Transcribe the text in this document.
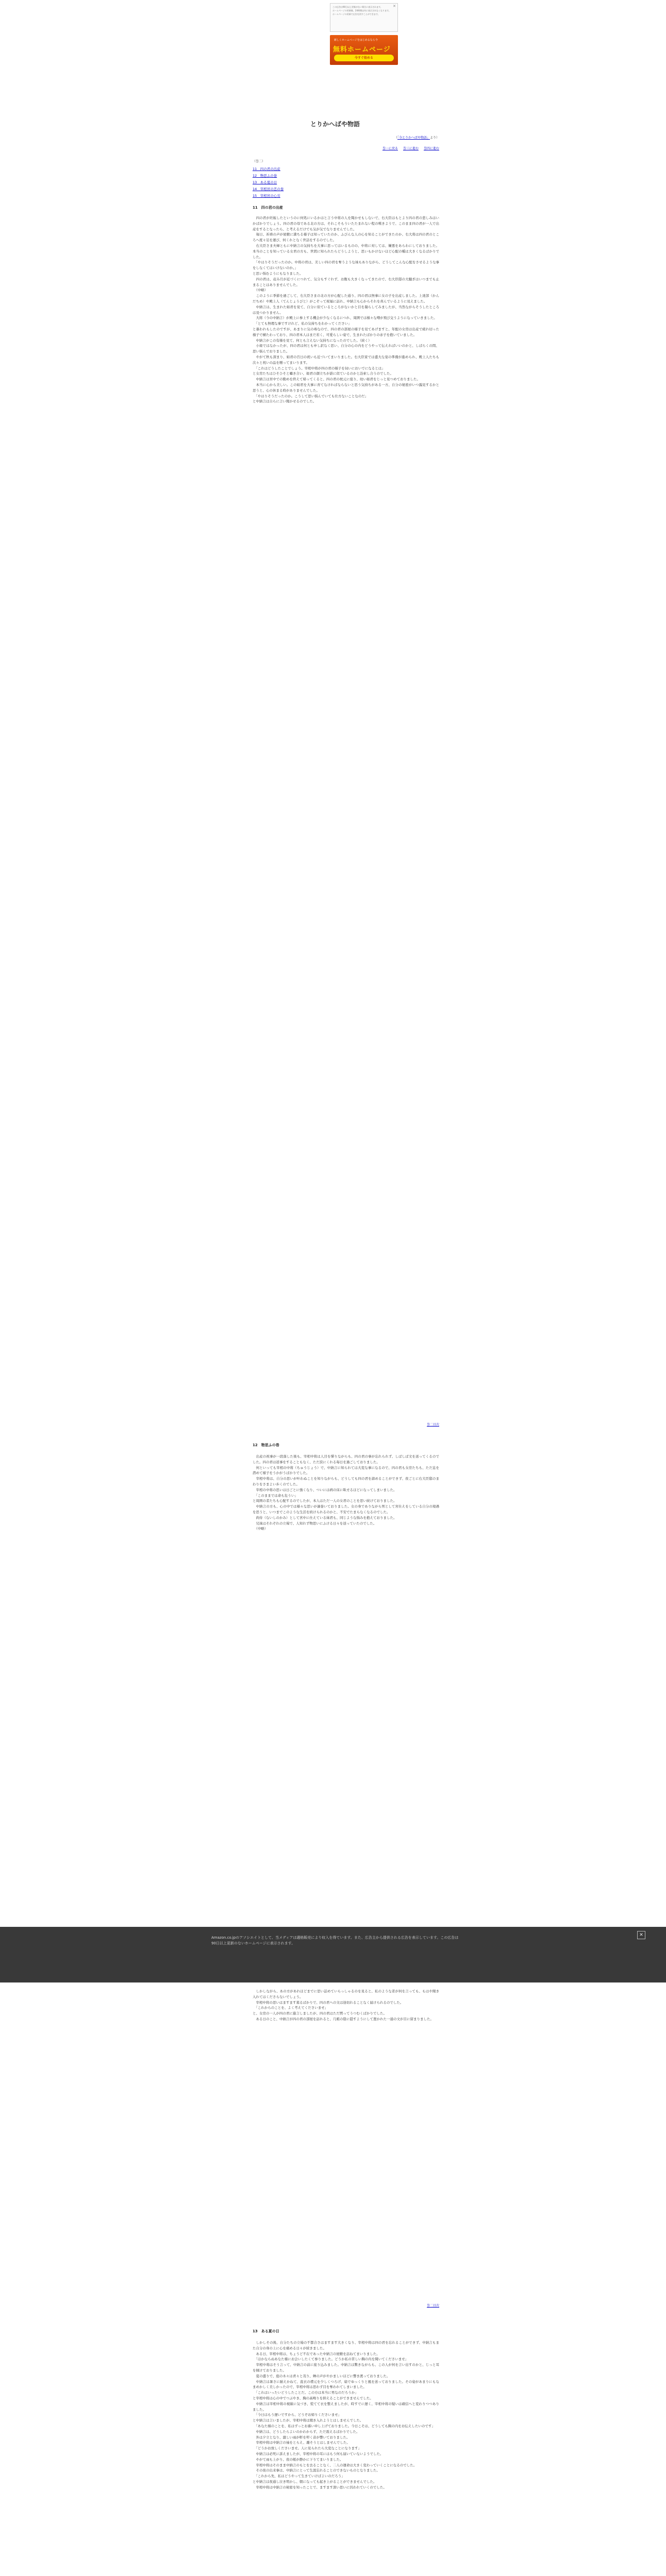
✕
この広告は90日以上更新がない場合に表示されます。
ホームページの更新後、24時間以内に表示されなくなります。
ホームページの更新で広告を消すことができます。
新しくホームページをはじめるなら今
無料ホームページ
今すぐ始める
とりかへばや物語
（「今とりかへばや物語」より）
巻一に戻る 巻三に進む 巻四に進む
（巻二）
11　四の君の出産
12　物思ふの巻
13　ある夏の日
14　宰相宮の恋の巻
15　宰相宮の心労
11　四の君の出産

　四の君が妊娠したというのに何処にいるかはと言う中将の人を聞かせもしないで、右大臣はもとより四の君の悲しみはいかばかりでしょう。四の君の母である北の方は、それこそもういたたまれない程の嘆きようで、このまま四の君が一人で出産をするとなったら、と考えるだけでも気が気でなりませんでした。

　毎日、祈祷の声が屋敷に満ちる様子は知っていたのか、ふびんな人の心を知ることができたのか、右大将は四の君のところへ度々足を運び、何くれとなく世話をするのでした。

　右大臣さま夫婦ともに中納言の気持ちを大事に思ってはいるものの、中将に対しては、嫌悪をあらわにしておりました。本当のことを知っている女君の方も、世間に知られたらどうしようと、思いもかけないほど心配の種は大きくなるばかりでした。

　「やはりそうだったのか。中将の君は、美しい四の君を奪うような妹もありながら、どうしてこんな心配をさせるような事をしなくてはいけないのか。」

と思い悩むようにもなりました。

　四の君は、産み月が近づくにつれて、気分もすぐれず、お腹も大きくなってきたので、右大臣邸の大騒ぎはいつまでも止まることはありませんでした。

　（中略）

　このように季節を過ごして、右大臣さまの北の方が心配した通り、四の君は無事に女の子を出産しました。上達部（かんだちめ）や殿上人（てんじょうびと）がこぞって祝福に訪れ、中納言も心からそれを喜んでいるように見えました。

　中納言は、生まれた姫君を見て、自分に似ているところがないかと目を凝らしてみましたが、当然ながらそうしたところは見つかりません。

　大将（今の中納言）が殿上に参上する機会が少なくなるにつれ、周囲では様々な噂が飛び交うようになっていきました。

　「とても無理な事ですけれど、私の気持ちをわかってください」

と慕われもしたのですが、あまりに気の毒なので、四の君の部屋の様子を見てあげますと、年配の女房は出産で疲れ切った様子で横たわっており、四の君本人はまだ若く、可愛らしい姿で、生まれたばかりの赤子を抱いていました。

　中納言がこの有様を見て、何とも言えない気持ちになったのでした。（続く）

　小姫ではなかったが、四の君は何とも申し訳なく思い、自分の心の内をどうやって伝えればいいのかと、しばらくの間、思い悩んでおりました。

　やがて秋も深まり、姫君の百日の祝いも近づいてまいりました。右大臣家では盛大な宴の準備が進められ、殿上人たちも次々と祝いの品を贈ってまいります。

　「これはどうしたことでしょう。宰相中将が四の君の様子を伺いにおいでになるとは」

と女房たちはひそひそと囁き合い、姫君の顔立ちが誰に似ているのかと詮索し合うのでした。

　中納言は宮中での勤めを終えて帰ってくると、四の君の枕元に座り、幼い姫君をじっと見つめておりました。

　本当に心から美しい。この姫君を大事に育てなければならないと思う気持ちがある一方、自分の秘密がいつ露見するかと思うと、心の休まる時がありませんでした。

　「やはりそうだったのか。こうして思い悩んでいても仕方ないことなのだ」

と中納言は自らに言い聞かせるのでした。

巻二目次
12　物思ふの巻

　出産の祝事が一段落した後も、宰相中将は人目を憚りながらも、四の君の事が忘れられず、しばしば文を送ってくるのでした。四の君は返事をすることもなく、ただ涙にくれる毎日を過ごしておりました。

　何といっても宰相の中将（ちゅうじょう）で、中納言に知られては大変な事になるので、四の君も女房たちも、ただ息を潜めて様子をうかがうばかりでした。

　宰相中将は、自分の思いが叶わぬことを知りながらも、どうしても四の君を諦めることができず、夜ごとに右大臣邸のまわりをさまよい歩くのでした。

　宰相の中将の思いは日ごとに強くなり、ついには病の床に臥せるほどになってしまいました。

　「このままでは命も危うい」

と周囲の者たちも心配するのでしたが、本人はただ一人の女君のことを思い続けておりました。

　中納言の方も、心の中では様々な思いが渦巻いておりました。女の身でありながら男として宮仕えをしている自分の境遇を思うと、いつまでこのような生活を続けられるのかと、不安でたまらなくなるのでした。

　尚侍（ないしのかみ）として宮中に仕えている妹君も、同じような悩みを抱えておりました。

　兄妹はそれぞれの立場で、人知れず物思いにふける日々を送っていたのでした。

　（中略）

　しかしながら、あの方があれほどまでに思い詰めていらっしゃるのを見ると、私のような者が何を言っても、もはや聞き入れてはくださらないでしょう。

　宰相中将の思いはますます募るばかりで、四の君への文は途切れることなく届けられるのでした。

　「これからのことを、よく考えてくださいませ」

と、女房の一人が四の君に進言しましたが、四の君はただ黙ってうつむくばかりでした。

　ある日のこと、中納言が四の君の部屋を訪れると、几帳の陰に隠すようにして置かれた一通の文が目に留まりました。

巻二目次
13　ある夏の日

　しかしその後、自分たちの立場の不都合さはますます大きくなり、宰相中将は四の君を忘れることができず、中納言もまた自分の身の上に心を痛める日々が続きました。

　ある日、宰相中将は、ちょうど不在であった中納言の屋敷を訪ねてまいりました。

　「ほかならぬあなた様にお会いしたくて参りました。どうか私の苦しい胸の内を聞いてくださいませ」

　宰相中将はそう言って、中納言の前に座り込みました。中納言は驚きながらも、この人が何を言い出すのかと、じっと耳を傾けておりました。

　夏の盛りで、庭の木々は青々と茂り、蝉の声がやかましいほどに響き渡っておりました。

　中納言は暑さに耐えかねて、直衣の襟元を少しくつろげ、扇でゆっくりと風を送っておりました。その姿があまりにもなまめかしく美しかったので、宰相中将は思わず目を奪われてしまいました。

　「これはいったいどうしたことだ。この方は本当に男なのだろうか」

と宰相中将は心の中でつぶやき、胸の高鳴りを抑えることができませんでした。

　中納言は宰相中将の視線に気づき、慌てて衣を整えましたが、時すでに遅く、宰相中将の疑いは確信へと変わりつつありました。

　「今日はもう遅いですから、どうぞお帰りくださいませ」

と中納言は言いましたが、宰相中将は聞き入れようとはしませんでした。

　「あなた様のことを、私はずっとお慕い申し上げておりました。今日こそは、どうしても胸の内をお伝えしたいのです」

　中納言は、どうしたらよいのかわからず、ただ震えるばかりでした。

　外は夕立となり、激しい雨が軒を叩く音が響いておりました。

　宰相中将は中納言の袖をとらえ、離そうとはしませんでした。

　「どうかお放しくださいませ。人に見られたら大変なことになります」

　中納言は必死に訴えましたが、宰相中将の耳にはもう何も届いていないようでした。

　やがて雨も上がり、夜の帳が静かに下りてまいりました。

　宰相中将はそのまま中納言のもとを去ることなく、二人の運命は大きく変わっていくことになるのでした。

　その夜の出来事は、中納言にとって生涯忘れることのできないものとなりました。

　「これから先、私はどうやって生きていけばよいのだろう」

と中納言は夜通し泣き明かし、朝になっても起き上がることができませんでした。

　宰相中将は中納言の秘密を知ったことで、ますます深い思いに囚われていくのでした。

Amazon.co.jpのアソシエイトとして、当メディアは適格販売により収入を得ています。また、広告主から提供される広告を表示しています。この広告は90日以上更新のないホームページに表示されます。
✕
